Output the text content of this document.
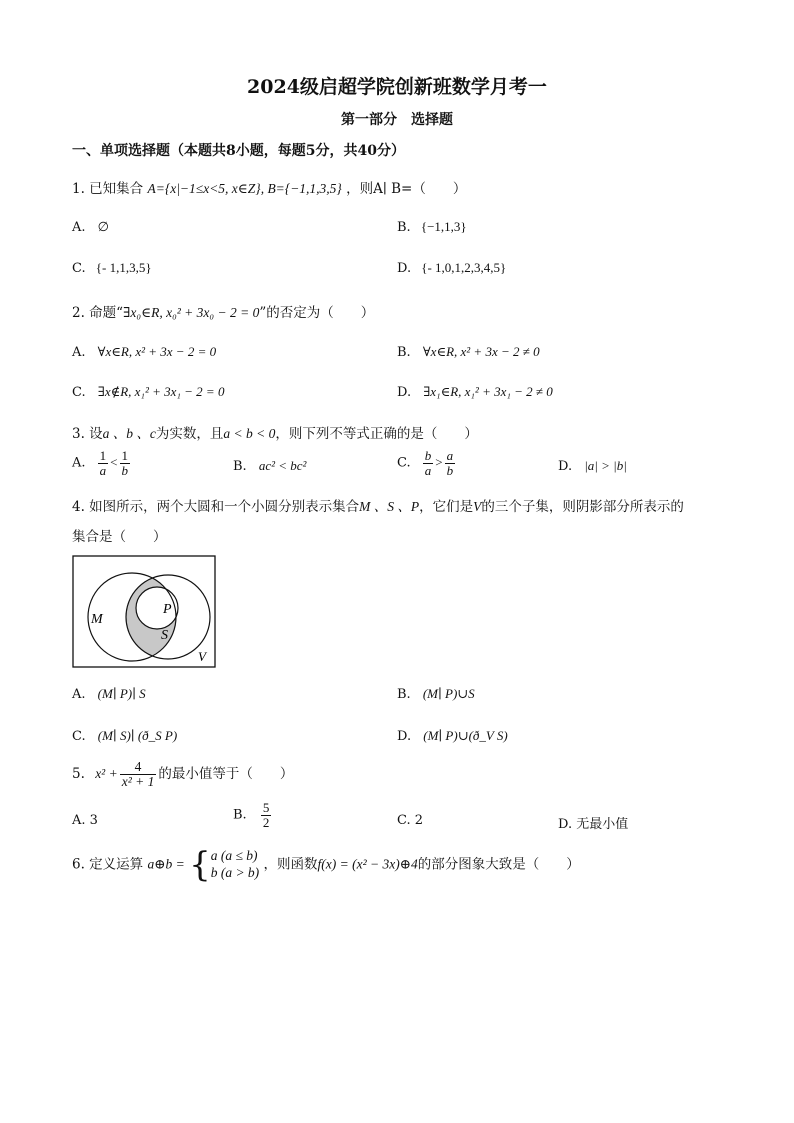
2024级启超学院创新班数学月考一
第一部分　选择题
一、单项选择题（本题共8小题，每题5分，共40分）
1. 已知集合 A={x|−1≤x<5, x∈Z}, B={−1,1,3,5} ，则A∣ B=（　　）
A. ∅	B. {−1,1,3}
C. {- 1,1,3,5}	D. {- 1,0,1,2,3,4,5}
2. 命题“∃x₀∈R, x₀² + 3x₀ − 2 = 0”的否定为（　　）
A. ∀x∈R, x² + 3x − 2 = 0	B. ∀x∈R, x² + 3x − 2 ≠ 0
C. ∃x∉R, x₁² + 3x₁ − 2 = 0	D. ∃x₁∈R, x₁² + 3x₁ − 2 ≠ 0
3. 设a 、b 、c为实数，且a < b < 0，则下列不等式正确的是（　　）
A. $\frac{1}{a} < \frac{1}{b}$	B. ac² < bc²	C. $\frac{b}{a} > \frac{a}{b}$	D. |a| > |b|
4. 如图所示，两个大圆和一个小圆分别表示集合M 、S 、P，它们是V的三个子集，则阴影部分所表示的
集合是（　　）
M
P
S
V
A. (M∣ P)∣ S	B. (M∣ P)∪S
C. (M∣ S)∣ (ð_S P)	D. (M∣ P)∪(ð_V S)
5. $x^2 + \frac{4}{\text{x² + 1}}$ 的最小值等于（　　）
A. 3	B. $\frac{5}{2}$	C. 2	D. 无最小值
6. 定义运算 a⊕b = { a (a ≤ b)
b (a > b) ，则函数f(x) = (x² − 3x)⊕4的部分图象大致是（　　）
